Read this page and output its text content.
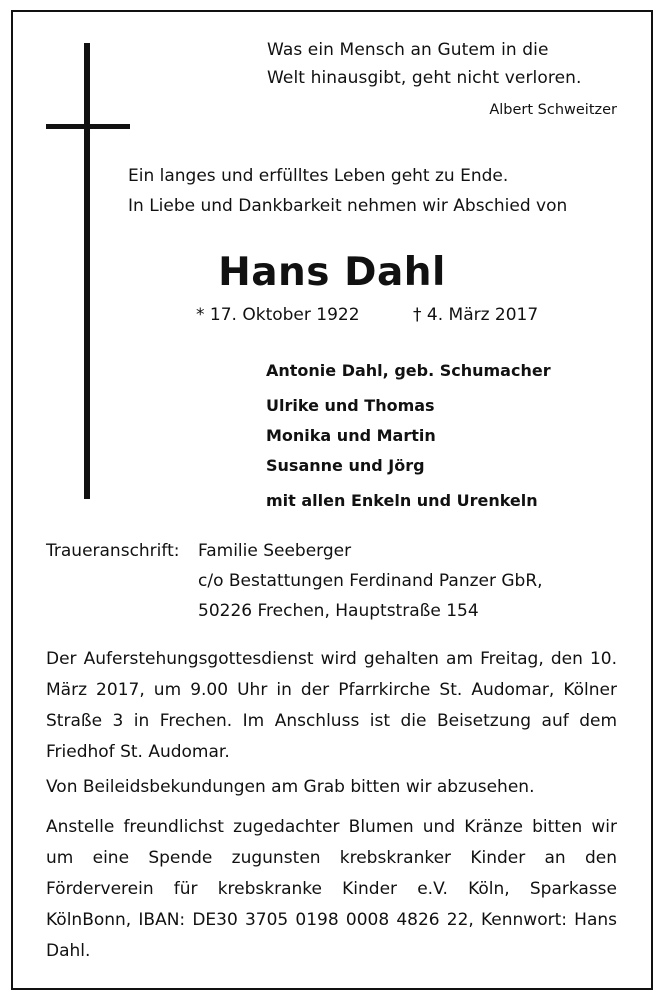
Was ein Mensch an Gutem in die
Welt hinausgibt, geht nicht verloren.
Albert Schweitzer
Ein langes und erfülltes Leben geht zu Ende.
In Liebe und Dankbarkeit nehmen wir Abschied von
Hans Dahl
* 17. Oktober 1922	† 4. März 2017
Antonie Dahl, geb. Schumacher
Ulrike und Thomas
Monika und Martin
Susanne und Jörg
mit allen Enkeln und Urenkeln
Traueranschrift: Familie Seeberger
c/o Bestattungen Ferdinand Panzer GbR,
50226 Frechen, Hauptstraße 154
Der Auferstehungsgottesdienst wird gehalten am Freitag, den 10. März 2017, um 9.00 Uhr in der Pfarrkirche St. Audomar, Kölner Straße 3 in Frechen. Im Anschluss ist die Beisetzung auf dem Friedhof St. Audomar.
Von Beileidsbekundungen am Grab bitten wir abzusehen.
Anstelle freundlichst zugedachter Blumen und Kränze bitten wir um eine Spende zugunsten krebskranker Kinder an den Förderverein für krebskranke Kinder e.V. Köln, Sparkasse KölnBonn, IBAN: DE30 3705 0198 0008 4826 22, Kennwort: Hans Dahl.
